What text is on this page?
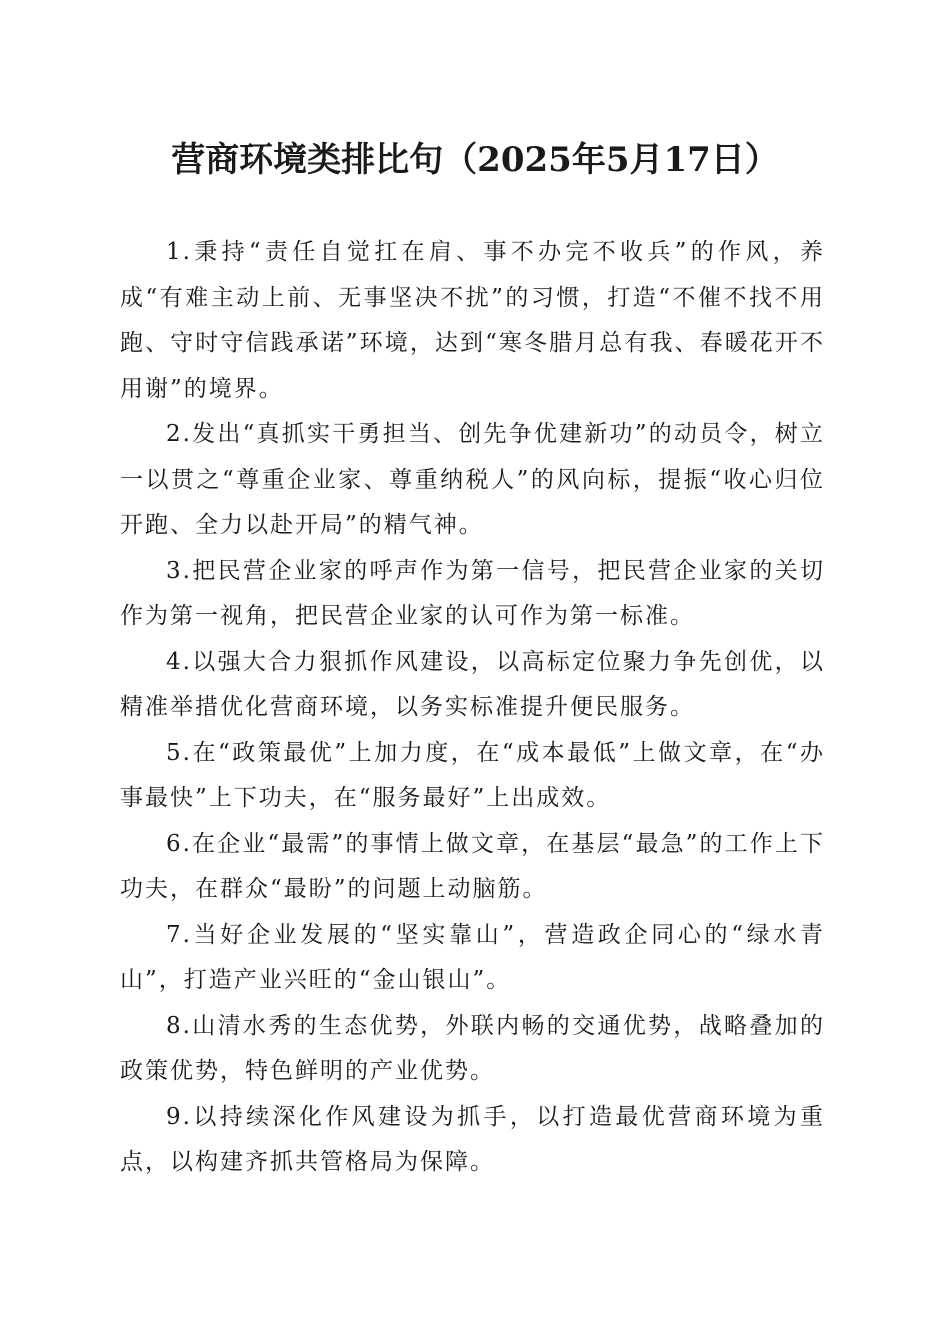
营商环境类排比句（2025年5月17日）

1.秉持“责任自觉扛在肩、事不办完不收兵”的作风，养成“有难主动上前、无事坚决不扰”的习惯，打造“不催不找不用跑、守时守信践承诺”环境，达到“寒冬腊月总有我、春暖花开不用谢”的境界。

2.发出“真抓实干勇担当、创先争优建新功”的动员令，树立一以贯之“尊重企业家、尊重纳税人”的风向标，提振“收心归位开跑、全力以赴开局”的精气神。

3.把民营企业家的呼声作为第一信号，把民营企业家的关切作为第一视角，把民营企业家的认可作为第一标准。

4.以强大合力狠抓作风建设，以高标定位聚力争先创优，以精准举措优化营商环境，以务实标准提升便民服务。

5.在“政策最优”上加力度，在“成本最低”上做文章，在“办事最快”上下功夫，在“服务最好”上出成效。

6.在企业“最需”的事情上做文章，在基层“最急”的工作上下功夫，在群众“最盼”的问题上动脑筋。

7.当好企业发展的“坚实靠山”，营造政企同心的“绿水青山”，打造产业兴旺的“金山银山”。

8.山清水秀的生态优势，外联内畅的交通优势，战略叠加的政策优势，特色鲜明的产业优势。

9.以持续深化作风建设为抓手，以打造最优营商环境为重点，以构建齐抓共管格局为保障。
